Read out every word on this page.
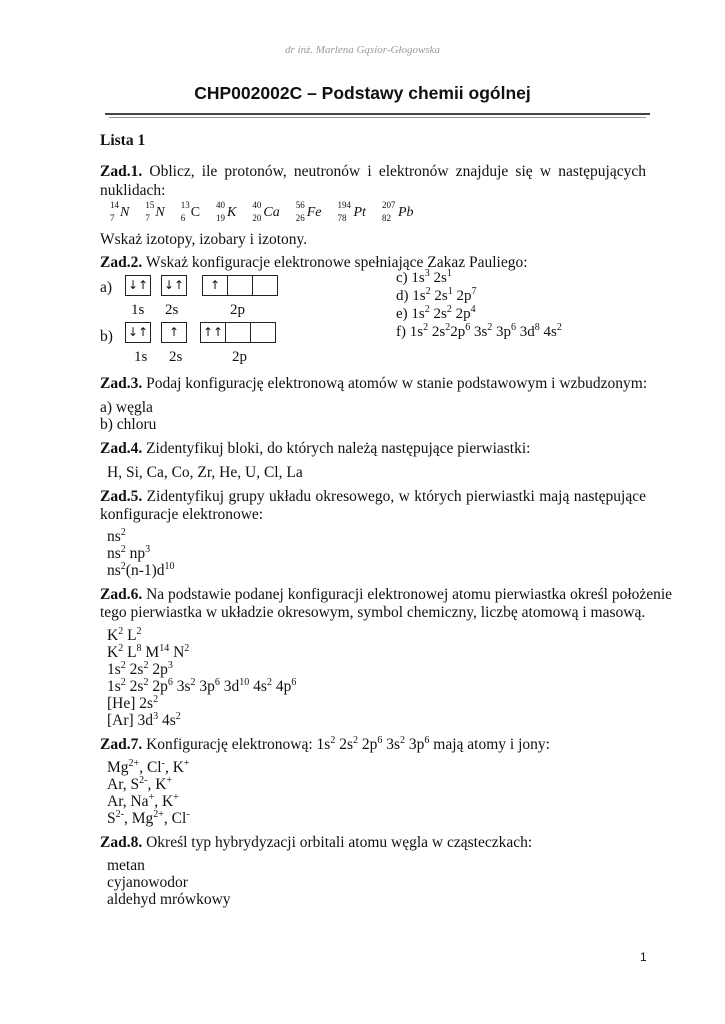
dr inż. Marlena Gąsior-Głogowska
CHP002002C – Podstawy chemii ogólnej
Lista 1
Zad.1. Oblicz, ile protonów, neutronów i elektronów znajduje się w następujących
nuklidach:
14
7 N 15
7 N 13
6 C 40
19 K 40
20 Ca 56
26 Fe 194
78 Pt 207
82 Pb
Wskaż izotopy, izobary i izotony.
Zad.2. Wskaż konfiguracje elektronowe spełniające Zakaz Pauliego:
a)	↓↑ ↓↑	↑
1s 2s	2p
b)	↓↑	↑	↑↑
1s 2s	2p
c) $1s^3$ $2s^1$
d) $1s^2$ $2s^1$ $2p^7$
e) $1s^2$ $2s^2$ $2p^4$
f) $1s^2$ $2s^22p^6$ $3s^2$ $3p^6$ $3d^8$ $4s^2$
Zad.3. Podaj konfigurację elektronową atomów w stanie podstawowym i wzbudzonym:
a) węgla
b) chloru
Zad.4. Zidentyfikuj bloki, do których należą następujące pierwiastki:
H, Si, Ca, Co, Zr, He, U, Cl, La
Zad.5. Zidentyfikuj grupy układu okresowego, w których pierwiastki mają następujące
konfiguracje elektronowe:
$ns^2$
$ns^2$ $np^3$
$ns^2(n-1)d^{10}$
Zad.6. Na podstawie podanej konfiguracji elektronowej atomu pierwiastka określ położenie
tego pierwiastka w układzie okresowym, symbol chemiczny, liczbę atomową i masową.
$K^2$ $L^2$
$K^2$ $L^8$ $M^{14}$ $N^2$
$1s^2$ $2s^2$ $2p^3$
$1s^2$ $2s^2$ $2p^6$ $3s^2$ $3p^6$ $3d^{10}$ $4s^2$ $4p^6$
[He] $2s^2$
[Ar] $3d^3$ $4s^2$
Zad.7. Konfigurację elektronową: $1s^2$ $2s^2$ $2p^6$ $3s^2$ $3p^6$ mają atomy i jony:
$Mg^{2+}$, Cl-, K+
Ar, $S^{2-}$, K+
Ar, Na+, K+
$S^{2-}$, $Mg^{2+}$, Cl-
Zad.8. Określ typ hybrydyzacji orbitali atomu węgla w cząsteczkach:
metan
cyjanowodor
aldehyd mrówkowy
1
